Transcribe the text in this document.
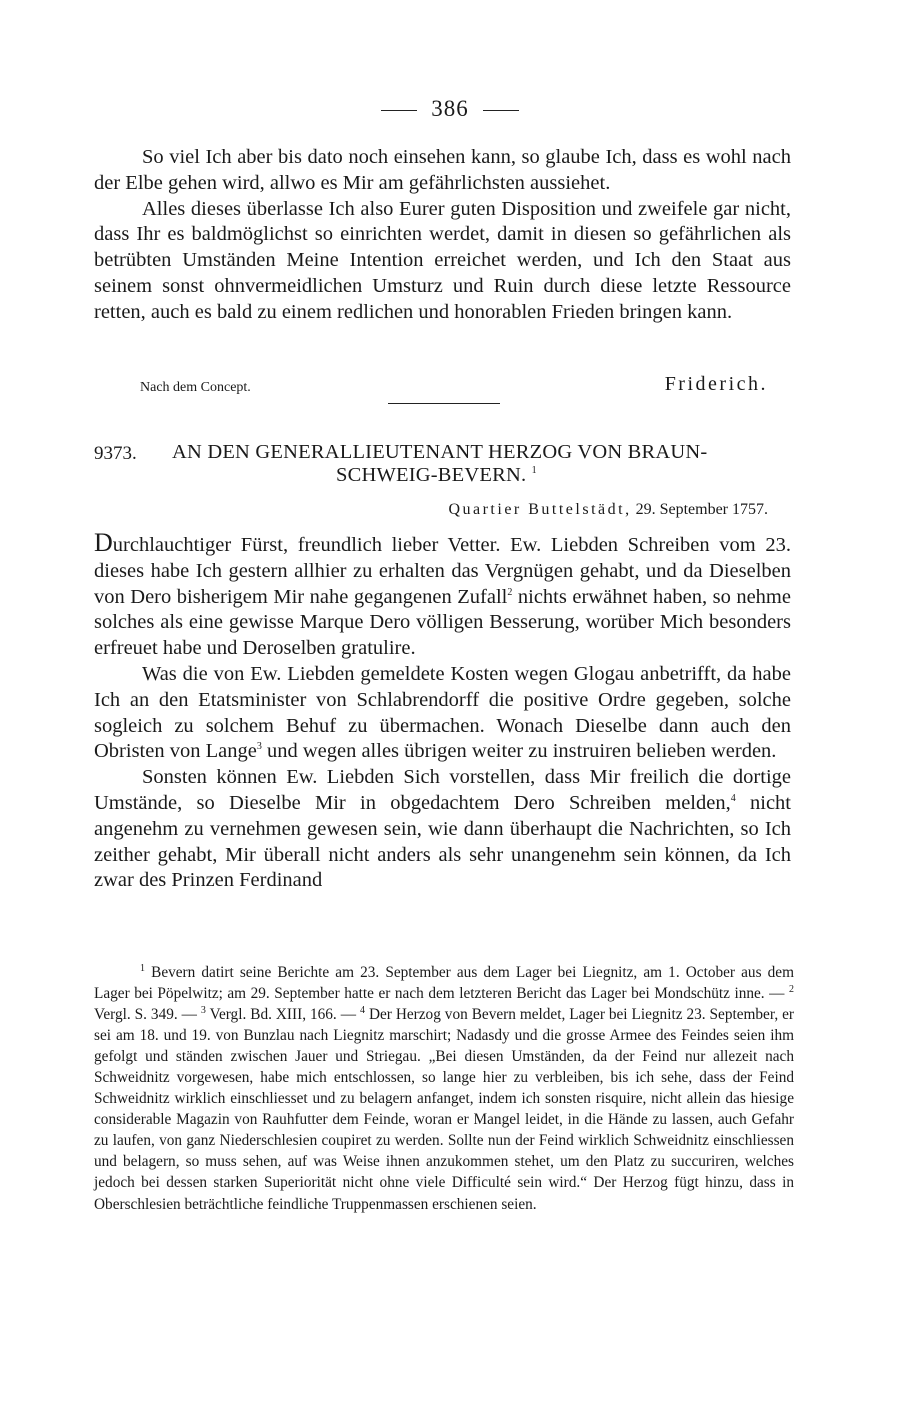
386

So viel Ich aber bis dato noch einsehen kann, so glaube Ich, dass es wohl nach der Elbe gehen wird, allwo es Mir am gefährlichsten aussiehet.

Alles dieses überlasse Ich also Eurer guten Disposition und zweifele gar nicht, dass Ihr es baldmöglichst so einrichten werdet, damit in diesen so gefährlichen als betrübten Umständen Meine Intention erreichet werden, und Ich den Staat aus seinem sonst ohnvermeidlichen Umsturz und Ruin durch diese letzte Ressource retten, auch es bald zu einem redlichen und honorablen Frieden bringen kann.

Nach dem Concept.	Friderich.
9373. AN DEN GENERALLIEUTENANT HERZOG VON BRAUN-
SCHWEIG-BEVERN. $^1$
Quartier Buttelstädt, 29. September 1757.

Durchlauchtiger Fürst, freundlich lieber Vetter. Ew. Liebden Schreiben vom 23. dieses habe Ich gestern allhier zu erhalten das Vergnügen gehabt, und da Dieselben von Dero bisherigem Mir nahe gegangenen Zufall$^2$ nichts erwähnet haben, so nehme solches als eine gewisse Marque Dero völligen Besserung, worüber Mich besonders erfreuet habe und Deroselben gratulire.

Was die von Ew. Liebden gemeldete Kosten wegen Glogau anbetrifft, da habe Ich an den Etatsminister von Schlabrendorff die positive Ordre gegeben, solche sogleich zu solchem Behuf zu übermachen. Wonach Dieselbe dann auch den Obristen von Lange$^3$ und wegen alles übrigen weiter zu instruiren belieben werden.

Sonsten können Ew. Liebden Sich vorstellen, dass Mir freilich die dortige Umstände, so Dieselbe Mir in obgedachtem Dero Schreiben melden,$^4$ nicht angenehm zu vernehmen gewesen sein, wie dann überhaupt die Nachrichten, so Ich zeither gehabt, Mir überall nicht anders als sehr unangenehm sein können, da Ich zwar des Prinzen Ferdinand

$^1$ Bevern datirt seine Berichte am 23. September aus dem Lager bei Liegnitz, am 1. October aus dem Lager bei Pöpelwitz; am 29. September hatte er nach dem letzteren Bericht das Lager bei Mondschütz inne. — $^2$ Vergl. S. 349. — $^3$ Vergl. Bd. XIII, 166. — $^4$ Der Herzog von Bevern meldet, Lager bei Liegnitz 23. September, er sei am 18. und 19. von Bunzlau nach Liegnitz marschirt; Nadasdy und die grosse Armee des Feindes seien ihm gefolgt und ständen zwischen Jauer und Striegau. „Bei diesen Umständen, da der Feind nur allezeit nach Schweidnitz vorgewesen, habe mich entschlossen, so lange hier zu verbleiben, bis ich sehe, dass der Feind Schweidnitz wirklich einschliesset und zu belagern anfanget, indem ich sonsten risquire, nicht allein das hiesige considerable Magazin von Rauhfutter dem Feinde, woran er Mangel leidet, in die Hände zu lassen, auch Gefahr zu laufen, von ganz Niederschlesien coupiret zu werden. Sollte nun der Feind wirklich Schweidnitz einschliessen und belagern, so muss sehen, auf was Weise ihnen anzukommen stehet, um den Platz zu succuriren, welches jedoch bei dessen starken Superiorität nicht ohne viele Difficulté sein wird.“ Der Herzog fügt hinzu, dass in Oberschlesien beträchtliche feindliche Truppenmassen erschienen seien.
